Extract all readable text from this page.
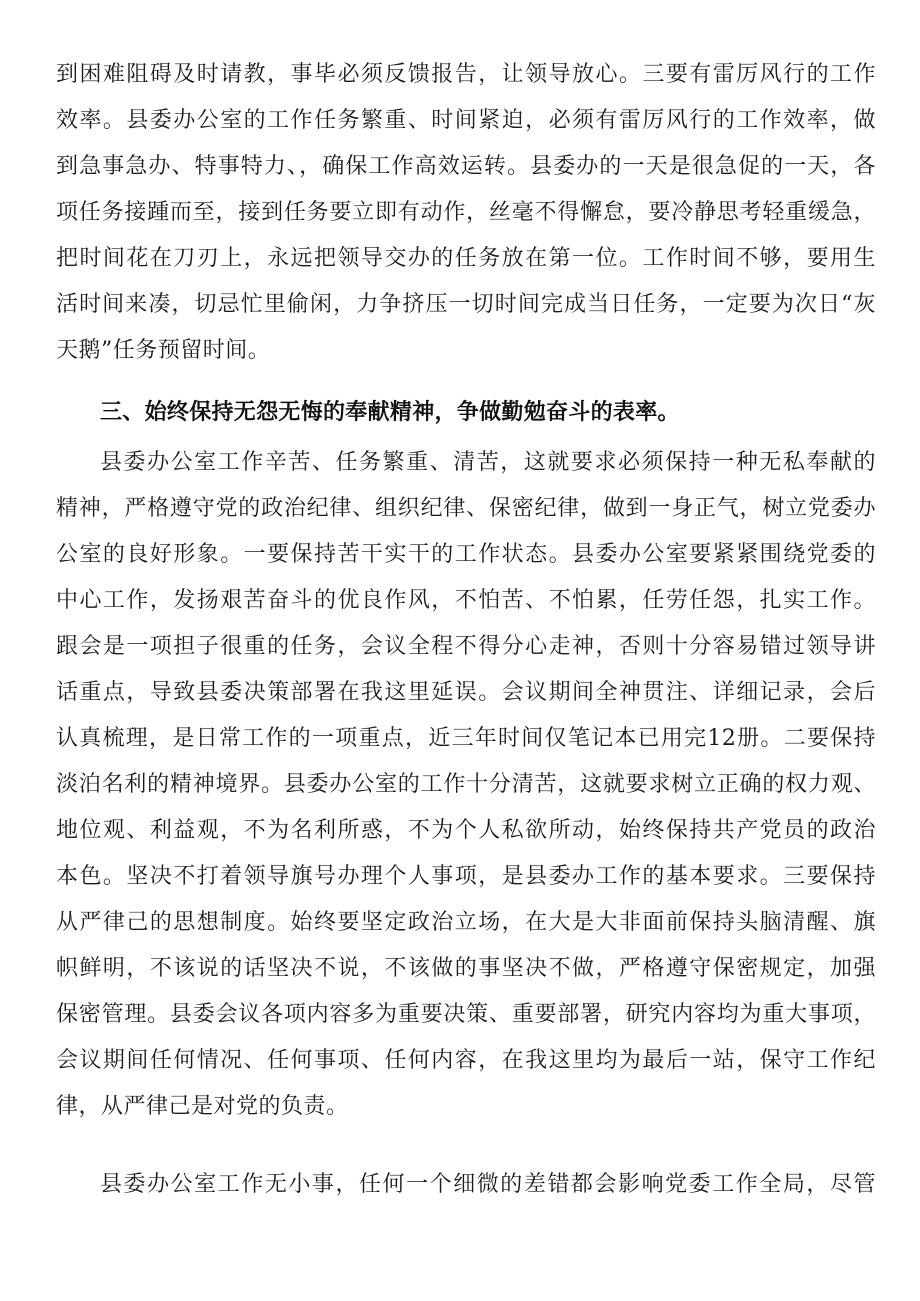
到困难阻碍及时请教，事毕必须反馈报告，让领导放心。三要有雷厉风行的工作
效率。县委办公室的工作任务繁重、时间紧迫，必须有雷厉风行的工作效率，做
到急事急办、特事特力、，确保工作高效运转。县委办的一天是很急促的一天，各
项任务接踵而至，接到任务要立即有动作，丝毫不得懈怠，要冷静思考轻重缓急，
把时间花在刀刃上，永远把领导交办的任务放在第一位。工作时间不够，要用生
活时间来凑，切忌忙里偷闲，力争挤压一切时间完成当日任务，一定要为次日“灰
天鹅”任务预留时间。
三、始终保持无怨无悔的奉献精神，争做勤勉奋斗的表率。
县委办公室工作辛苦、任务繁重、清苦，这就要求必须保持一种无私奉献的
精神，严格遵守党的政治纪律、组织纪律、保密纪律，做到一身正气，树立党委办
公室的良好形象。一要保持苦干实干的工作状态。县委办公室要紧紧围绕党委的
中心工作，发扬艰苦奋斗的优良作风，不怕苦、不怕累，任劳任怨，扎实工作。
跟会是一项担子很重的任务，会议全程不得分心走神，否则十分容易错过领导讲
话重点，导致县委决策部署在我这里延误。会议期间全神贯注、详细记录，会后
认真梳理，是日常工作的一项重点，近三年时间仅笔记本已用完12册。二要保持
淡泊名利的精神境界。县委办公室的工作十分清苦，这就要求树立正确的权力观、
地位观、利益观，不为名利所惑，不为个人私欲所动，始终保持共产党员的政治
本色。坚决不打着领导旗号办理个人事项，是县委办工作的基本要求。三要保持
从严律己的思想制度。始终要坚定政治立场，在大是大非面前保持头脑清醒、旗
帜鲜明，不该说的话坚决不说，不该做的事坚决不做，严格遵守保密规定，加强
保密管理。县委会议各项内容多为重要决策、重要部署，研究内容均为重大事项，
会议期间任何情况、任何事项、任何内容，在我这里均为最后一站，保守工作纪
律，从严律己是对党的负责。
县委办公室工作无小事，任何一个细微的差错都会影响党委工作全局，尽管
